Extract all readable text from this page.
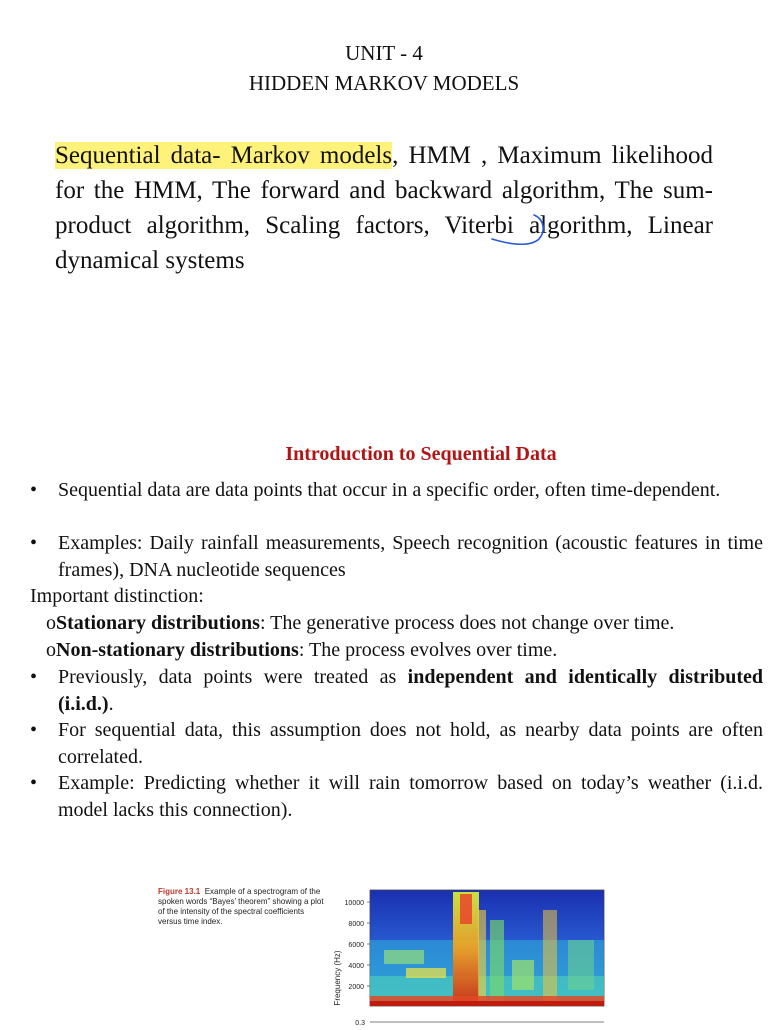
UNIT - 4
HIDDEN MARKOV MODELS
Sequential data- Markov models, HMM , Maximum likelihood for the HMM, The forward and backward algorithm, The sum-product algorithm, Scaling factors, Viterbi algorithm, Linear dynamical systems
Introduction to Sequential Data
•	Sequential data are data points that occur in a specific order, often time-dependent.
•	Examples: Daily rainfall measurements, Speech recognition (acoustic features in time frames), DNA nucleotide sequences
Important distinction:
oStationary distributions: The generative process does not change over time.
oNon-stationary distributions: The process evolves over time.
•	Previously, data points were treated as independent and identically distributed (i.i.d.).
•	For sequential data, this assumption does not hold, as nearby data points are often correlated.
•	Example: Predicting whether it will rain tomorrow based on today’s weather (i.i.d. model lacks this connection).
Figure 13.1 Example of a spectrogram of the spoken words “Bayes’ theorem” showing a plot of the intensity of the spectral coefficients versus time index.
Frequency (Hz)
10000
8000
6000
4000
2000
0.3
